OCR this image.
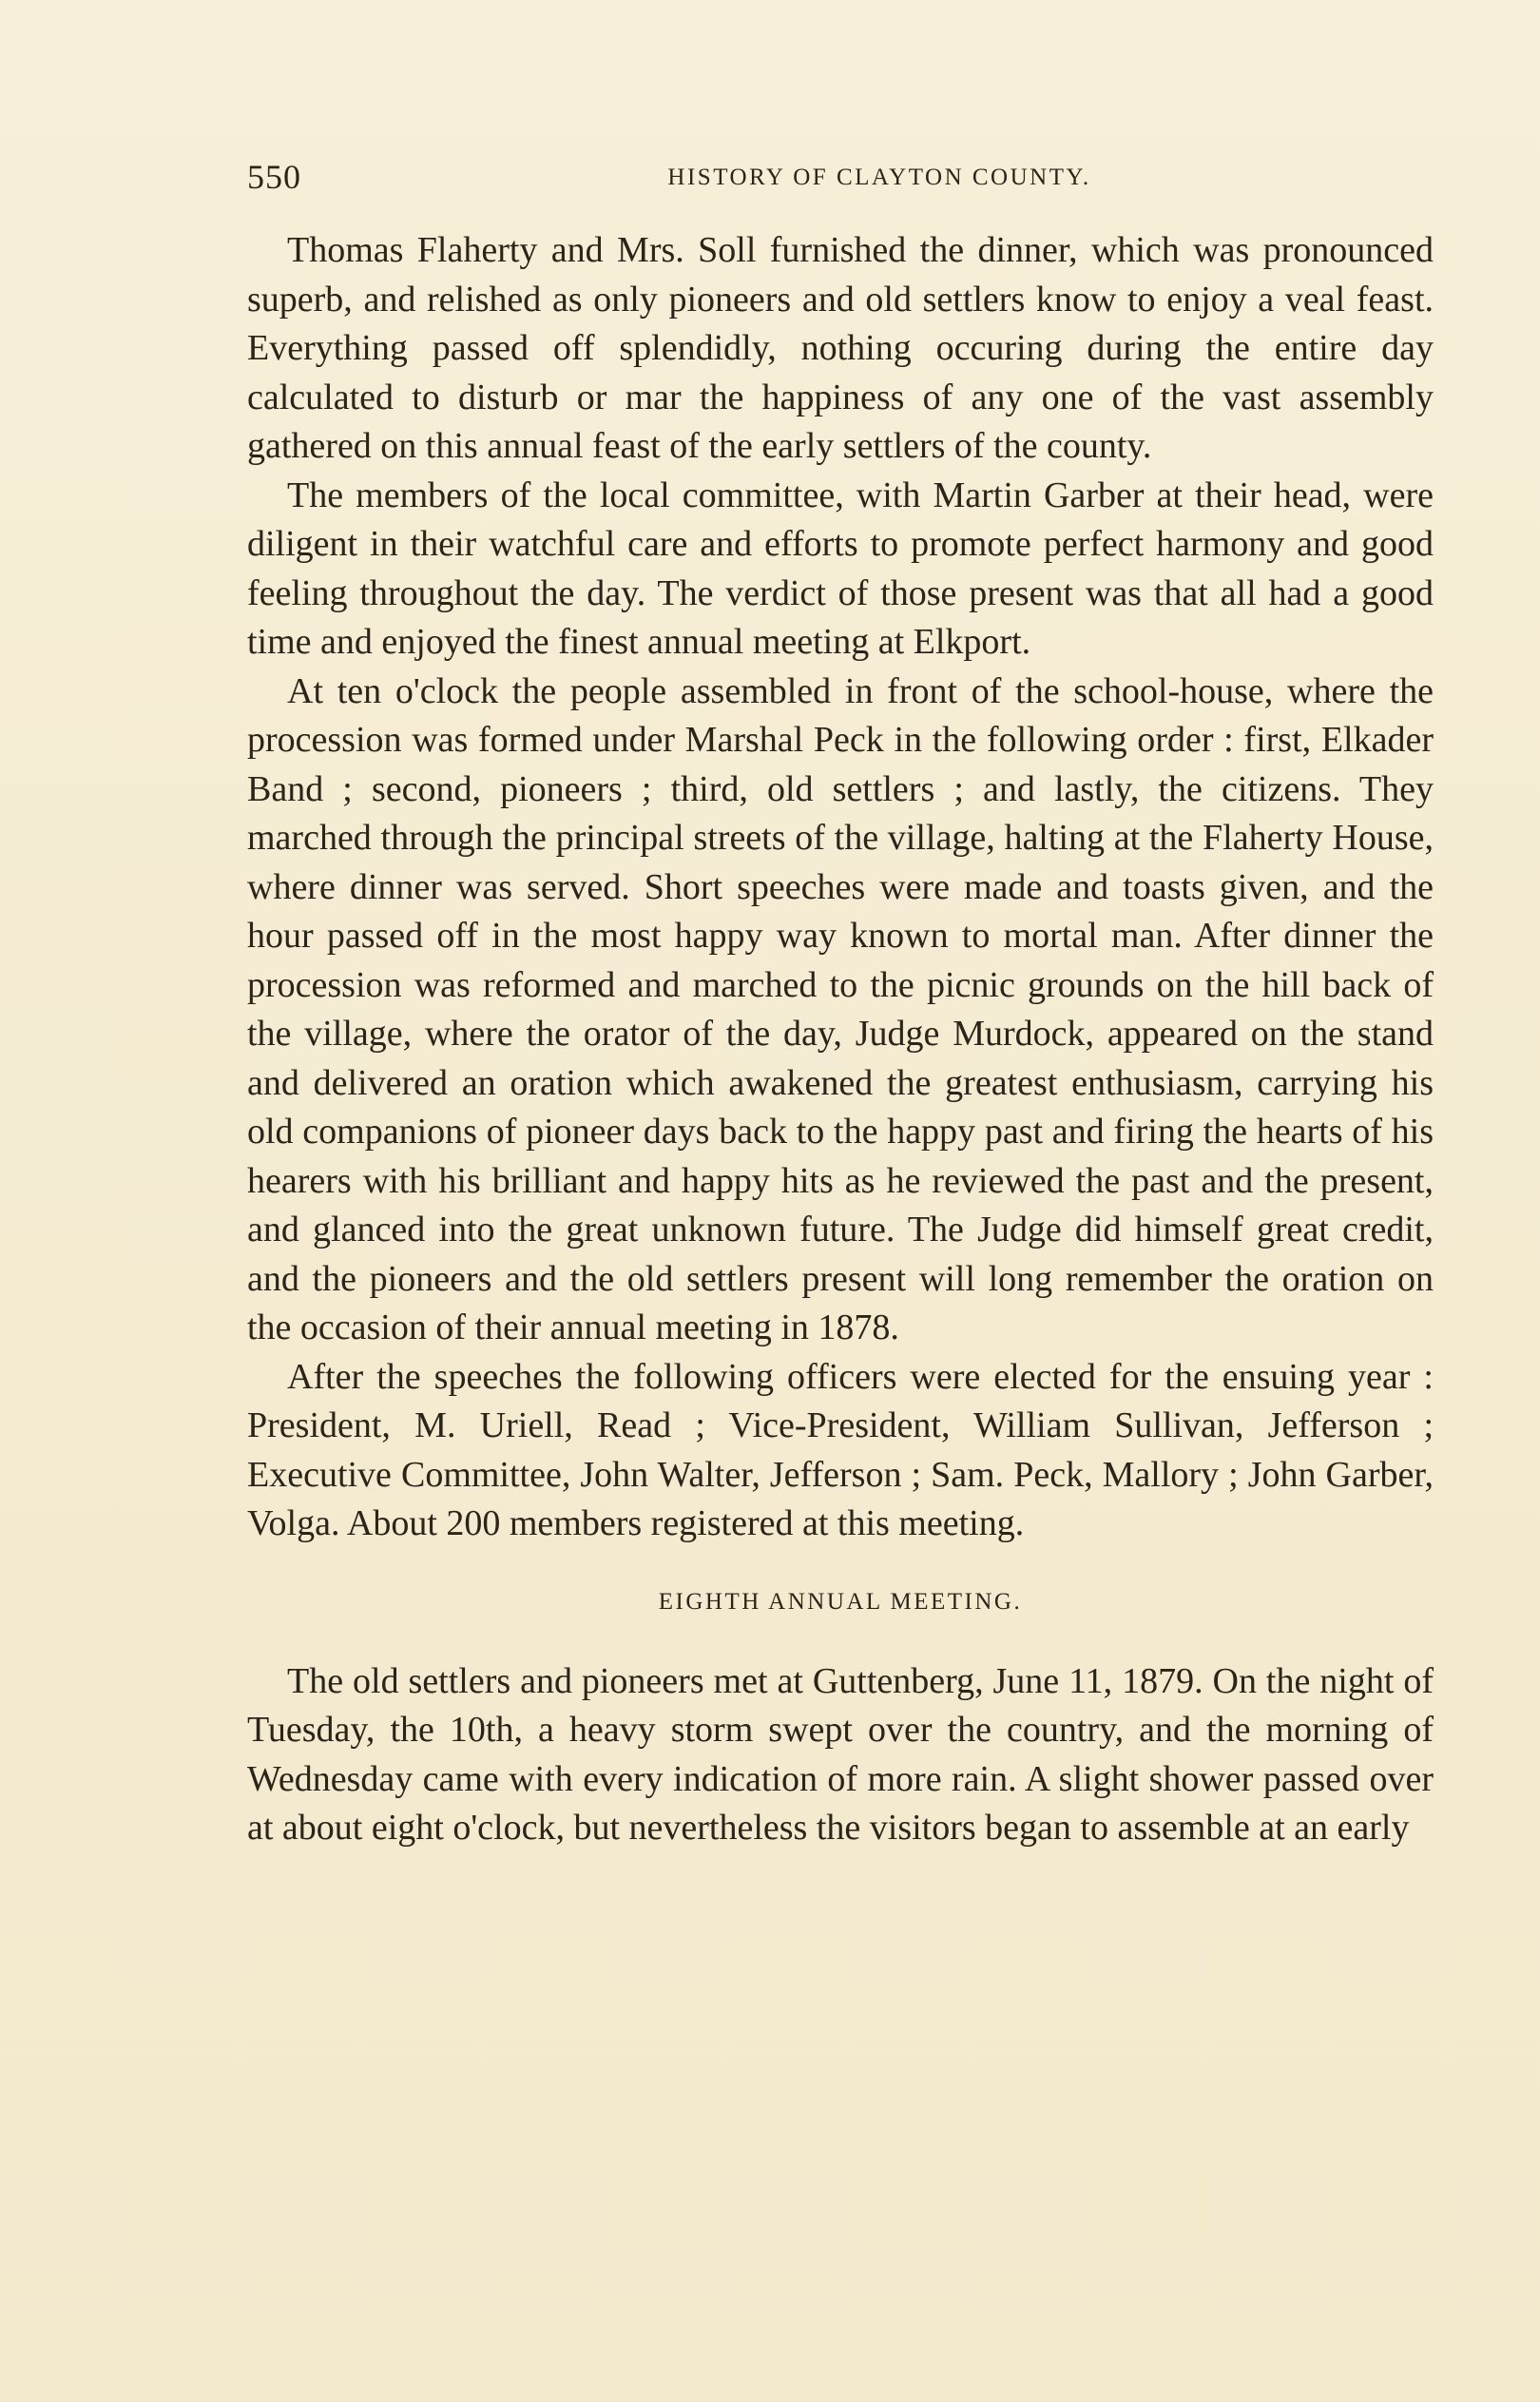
550	HISTORY OF CLAYTON COUNTY.

Thomas Flaherty and Mrs. Soll furnished the dinner, which was pronounced superb, and relished as only pioneers and old settlers know to enjoy a veal feast. Everything passed off splendidly, nothing occuring during the entire day calculated to disturb or mar the happiness of any one of the vast assembly gathered on this annual feast of the early settlers of the county.

The members of the local committee, with Martin Garber at their head, were diligent in their watchful care and efforts to promote perfect harmony and good feeling throughout the day. The verdict of those present was that all had a good time and enjoyed the finest annual meeting at Elkport.

At ten o'clock the people assembled in front of the school-house, where the procession was formed under Marshal Peck in the following order : first, Elkader Band ; second, pioneers ; third, old settlers ; and lastly, the citizens. They marched through the principal streets of the village, halting at the Flaherty House, where dinner was served. Short speeches were made and toasts given, and the hour passed off in the most happy way known to mortal man. After dinner the procession was reformed and marched to the picnic grounds on the hill back of the village, where the orator of the day, Judge Murdock, appeared on the stand and delivered an oration which awakened the greatest enthusiasm, carrying his old companions of pioneer days back to the happy past and firing the hearts of his hearers with his brilliant and happy hits as he reviewed the past and the present, and glanced into the great unknown future. The Judge did himself great credit, and the pioneers and the old settlers present will long remember the oration on the occasion of their annual meeting in 1878.

After the speeches the following officers were elected for the ensuing year : President, M. Uriell, Read ; Vice-President, William Sullivan, Jefferson ; Executive Committee, John Walter, Jefferson ; Sam. Peck, Mallory ; John Garber, Volga. About 200 members registered at this meeting.

EIGHTH ANNUAL MEETING.

The old settlers and pioneers met at Guttenberg, June 11, 1879. On the night of Tuesday, the 10th, a heavy storm swept over the country, and the morning of Wednesday came with every indication of more rain. A slight shower passed over at about eight o'clock, but nevertheless the visitors began to assemble at an early
